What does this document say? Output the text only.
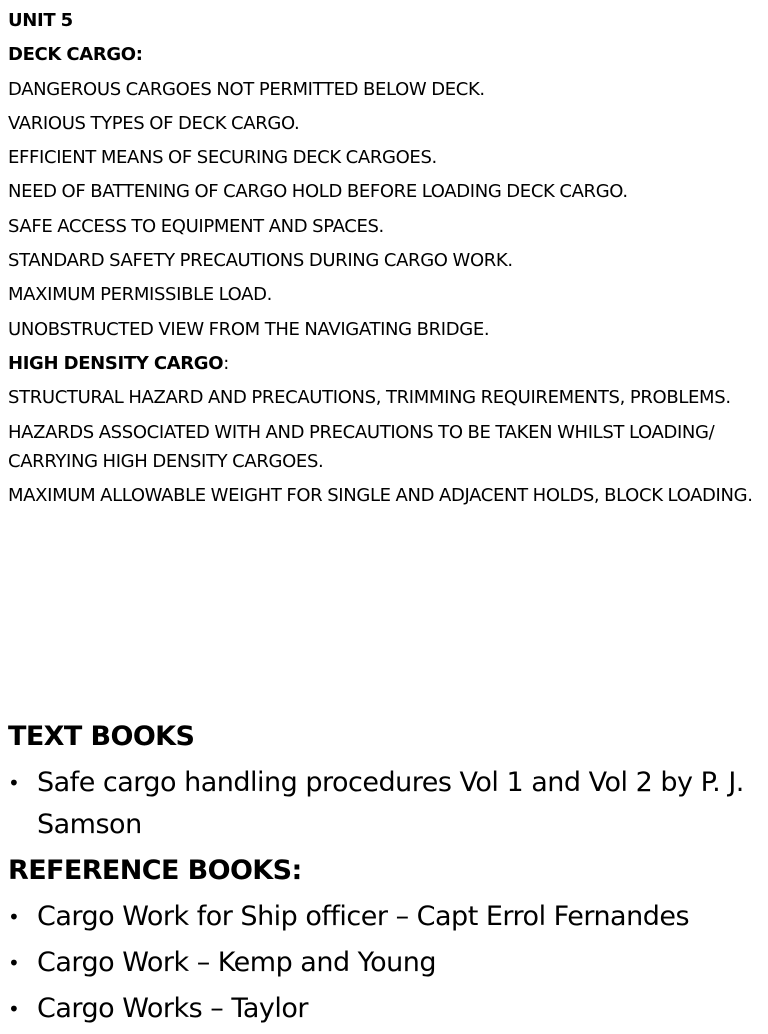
UNIT 5
DECK CARGO:
DANGEROUS CARGOES NOT PERMITTED BELOW DECK.
VARIOUS TYPES OF DECK CARGO.
EFFICIENT MEANS OF SECURING DECK CARGOES.
NEED OF BATTENING OF CARGO HOLD BEFORE LOADING DECK CARGO.
SAFE ACCESS TO EQUIPMENT AND SPACES.
STANDARD SAFETY PRECAUTIONS DURING CARGO WORK.
MAXIMUM PERMISSIBLE LOAD.
UNOBSTRUCTED VIEW FROM THE NAVIGATING BRIDGE.
HIGH DENSITY CARGO:
STRUCTURAL HAZARD AND PRECAUTIONS, TRIMMING REQUIREMENTS, PROBLEMS.
HAZARDS ASSOCIATED WITH AND PRECAUTIONS TO BE TAKEN WHILST LOADING/ CARRYING HIGH DENSITY CARGOES.
MAXIMUM ALLOWABLE WEIGHT FOR SINGLE AND ADJACENT HOLDS, BLOCK LOADING.
TEXT BOOKS
• Safe cargo handling procedures Vol 1 and Vol 2 by P. J. Samson
REFERENCE BOOKS:
• Cargo Work for Ship officer – Capt Errol Fernandes
• Cargo Work – Kemp and Young
• Cargo Works – Taylor
